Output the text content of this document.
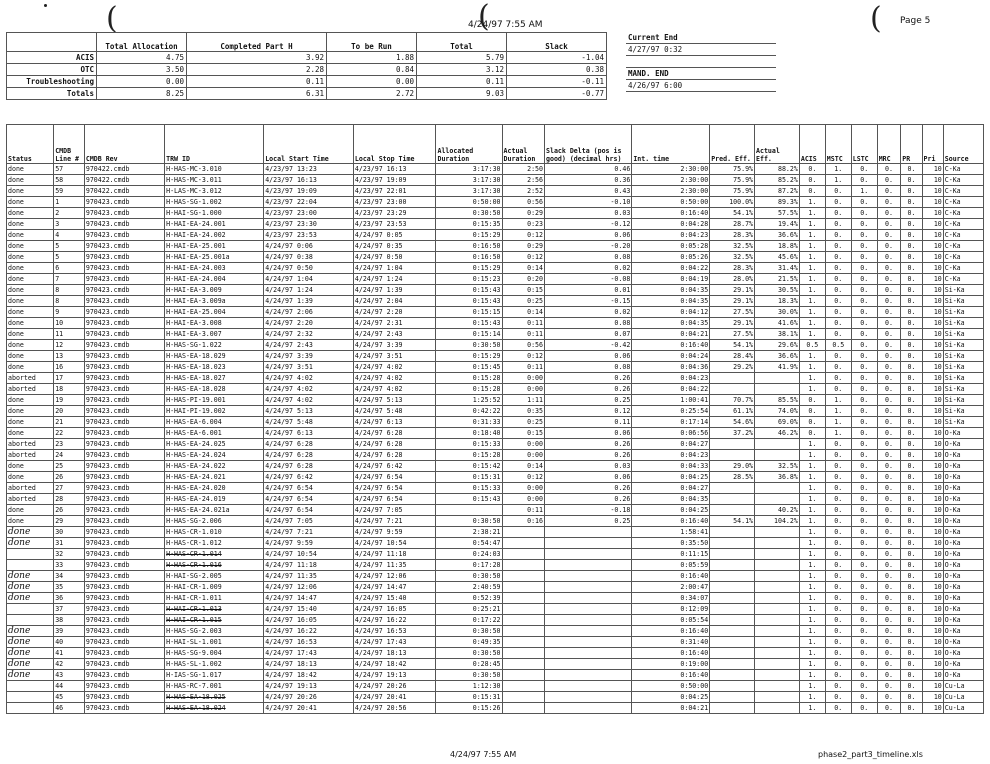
(	(	(
4/24/97 7:55 AM	Page 5
	Total Allocation	Completed Part H	To be Run	Total	Slack
ACIS	4.75	3.92	1.88	5.79	-1.04
OTC	3.50	2.28	0.84	3.12	0.38
Troubleshooting	0.00	0.11	0.00	0.11	-0.11
Totals	8.25	6.31	2.72	9.03	-0.77
Current End
4/27/97 0:32
MAND. END
4/26/97 6:00
Status	CMDB Line #	CMDB Rev	TRW ID	Local Start Time	Local Stop Time	Allocated Duration	Actual Duration	Slack Delta (pos is good) (decimal hrs)	Int. time	Pred. Eff.	Actual Eff.	ACIS	MSTC	LSTC	MRC	PR	Pri	Source
done	57	970422.cmdb	H-HAS-MC-3.010	4/23/97 13:23	4/23/97 16:13	3:17:30	2:50	0.46	2:30:00	75.9%	88.2%	0.	1.	0.	0.	0.	10	C-Ka
done	58	970422.cmdb	H-HAS-MC-3.011	4/23/97 16:13	4/23/97 19:09	3:17:30	2:56	0.36	2:30:00	75.9%	85.2%	0.	1.	0.	0.	0.	10	C-Ka
done	59	970422.cmdb	H-LAS-MC-3.012	4/23/97 19:09	4/23/97 22:01	3:17:30	2:52	0.43	2:30:00	75.9%	87.2%	0.	0.	1.	0.	0.	10	C-Ka
done	1	970423.cmdb	H-HAS-SG-1.002	4/23/97 22:04	4/23/97 23:00	0:50:00	0:56	-0.10	0:50:00	100.0%	89.3%	1.	0.	0.	0.	0.	10	C-Ka
done	2	970423.cmdb	H-HAI-SG-1.000	4/23/97 23:00	4/23/97 23:29	0:30:50	0:29	0.03	0:16:40	54.1%	57.5%	1.	0.	0.	0.	0.	10	C-Ka
done	3	970423.cmdb	H-HAI-EA-24.001	4/23/97 23:30	4/23/97 23:53	0:15:35	0:23	-0.12	0:04:28	28.7%	19.4%	1.	0.	0.	0.	0.	10	C-Ka
done	4	970423.cmdb	H-HAI-EA-24.002	4/23/97 23:53	4/24/97 0:05	0:15:29	0:12	0.06	0:04:23	28.3%	36.6%	1.	0.	0.	0.	0.	10	C-Ka
done	5	970423.cmdb	H-HAI-EA-25.001	4/24/97 0:06	4/24/97 0:35	0:16:50	0:29	-0.20	0:05:28	32.5%	18.8%	1.	0.	0.	0.	0.	10	C-Ka
done	5	970423.cmdb	H-HAI-EA-25.001a	4/24/97 0:38	4/24/97 0:50	0:16:50	0:12	0.08	0:05:26	32.5%	45.6%	1.	0.	0.	0.	0.	10	C-Ka
done	6	970423.cmdb	H-HAI-EA-24.003	4/24/97 0:50	4/24/97 1:04	0:15:29	0:14	0.02	0:04:22	28.3%	31.4%	1.	0.	0.	0.	0.	10	C-Ka
done	7	970423.cmdb	H-HAI-EA-24.004	4/24/97 1:04	4/24/97 1:24	0:15:23	0:20	-0.08	0:04:19	28.0%	21.5%	1.	0.	0.	0.	0.	10	C-Ka
done	8	970423.cmdb	H-HAI-EA-3.009	4/24/97 1:24	4/24/97 1:39	0:15:43	0:15	0.01	0:04:35	29.1%	30.5%	1.	0.	0.	0.	0.	10	Si-Ka
done	8	970423.cmdb	H-HAI-EA-3.009a	4/24/97 1:39	4/24/97 2:04	0:15:43	0:25	-0.15	0:04:35	29.1%	18.3%	1.	0.	0.	0.	0.	10	Si-Ka
done	9	970423.cmdb	H-HAI-EA-25.004	4/24/97 2:06	4/24/97 2:20	0:15:15	0:14	0.02	0:04:12	27.5%	30.0%	1.	0.	0.	0.	0.	10	Si-Ka
done	10	970423.cmdb	H-HAI-EA-3.008	4/24/97 2:20	4/24/97 2:31	0:15:43	0:11	0.08	0:04:35	29.1%	41.6%	1.	0.	0.	0.	0.	10	Si-Ka
done	11	970423.cmdb	H-HAI-EA-3.007	4/24/97 2:32	4/24/97 2:43	0:15:14	0:11	0.07	0:04:21	27.5%	38.1%	1.	0.	0.	0.	0.	10	Si-Ka
done	12	970423.cmdb	H-HAS-SG-1.022	4/24/97 2:43	4/24/97 3:39	0:30:50	0:56	-0.42	0:16:40	54.1%	29.6%	0.5	0.5	0.	0.	0.	10	Si-Ka
done	13	970423.cmdb	H-HAS-EA-18.029	4/24/97 3:39	4/24/97 3:51	0:15:29	0:12	0.06	0:04:24	28.4%	36.6%	1.	0.	0.	0.	0.	10	Si-Ka
done	16	970423.cmdb	H-HAS-EA-18.023	4/24/97 3:51	4/24/97 4:02	0:15:45	0:11	0.08	0:04:36	29.2%	41.9%	1.	0.	0.	0.	0.	10	Si-Ka
aborted	17	970423.cmdb	H-HAS-EA-18.027	4/24/97 4:02	4/24/97 4:02	0:15:28	0:00	0.26	0:04:23			1.	0.	0.	0.	0.	10	Si-Ka
aborted	18	970423.cmdb	H-HAS-EA-18.028	4/24/97 4:02	4/24/97 4:02	0:15:28	0:00	0.26	0:04:22			1.	0.	0.	0.	0.	10	Si-Ka
done	19	970423.cmdb	H-HAS-PI-19.001	4/24/97 4:02	4/24/97 5:13	1:25:52	1:11	0.25	1:00:41	70.7%	85.5%	0.	1.	0.	0.	0.	10	Si-Ka
done	20	970423.cmdb	H-HAI-PI-19.002	4/24/97 5:13	4/24/97 5:48	0:42:22	0:35	0.12	0:25:54	61.1%	74.0%	0.	1.	0.	0.	0.	10	Si-Ka
done	21	970423.cmdb	H-HAS-EA-6.004	4/24/97 5:48	4/24/97 6:13	0:31:33	0:25	0.11	0:17:14	54.6%	69.0%	0.	1.	0.	0.	0.	10	Si-Ka
done	22	970423.cmdb	H-HAS-EA-6.001	4/24/97 6:13	4/24/97 6:28	0:18:40	0:15	0.06	0:06:56	37.2%	46.2%	0.	1.	0.	0.	0.	10	O-Ka
aborted	23	970423.cmdb	H-HAS-EA-24.025	4/24/97 6:28	4/24/97 6:28	0:15:33	0:00	0.26	0:04:27			1.	0.	0.	0.	0.	10	O-Ka
aborted	24	970423.cmdb	H-HAS-EA-24.024	4/24/97 6:28	4/24/97 6:28	0:15:28	0:00	0.26	0:04:23			1.	0.	0.	0.	0.	10	O-Ka
done	25	970423.cmdb	H-HAS-EA-24.022	4/24/97 6:28	4/24/97 6:42	0:15:42	0:14	0.03	0:04:33	29.0%	32.5%	1.	0.	0.	0.	0.	10	O-Ka
done	26	970423.cmdb	H-HAS-EA-24.021	4/24/97 6:42	4/24/97 6:54	0:15:31	0:12	0.06	0:04:25	28.5%	36.8%	1.	0.	0.	0.	0.	10	O-Ka
aborted	27	970423.cmdb	H-HAS-EA-24.020	4/24/97 6:54	4/24/97 6:54	0:15:33	0:00	0.26	0:04:27			1.	0.	0.	0.	0.	10	O-Ka
aborted	28	970423.cmdb	H-HAS-EA-24.019	4/24/97 6:54	4/24/97 6:54	0:15:43	0:00	0.26	0:04:35			1.	0.	0.	0.	0.	10	O-Ka
done	26	970423.cmdb	H-HAS-EA-24.021a	4/24/97 6:54	4/24/97 7:05		0:11	-0.18	0:04:25		40.2%	1.	0.	0.	0.	0.	10	O-Ka
done	29	970423.cmdb	H-HAS-SG-2.006	4/24/97 7:05	4/24/97 7:21	0:30:50	0:16	0.25	0:16:40	54.1%	104.2%	1.	0.	0.	0.	0.	10	O-Ka
done	30	970423.cmdb	H-HAS-CR-1.010	4/24/97 7:21	4/24/97 9:59	2:38:21			1:58:41			1.	0.	0.	0.	0.	10	O-Ka
done	31	970423.cmdb	H-HAS-CR-1.012	4/24/97 9:59	4/24/97 10:54	0:54:47			0:35:50			1.	0.	0.	0.	0.	10	O-Ka
	32	970423.cmdb	H-HAS-CR-1.014	4/24/97 10:54	4/24/97 11:18	0:24:03			0:11:15			1.	0.	0.	0.	0.	10	O-Ka
	33	970423.cmdb	H-HAS-CR-1.016	4/24/97 11:18	4/24/97 11:35	0:17:28			0:05:59			1.	0.	0.	0.	0.	10	O-Ka
done	34	970423.cmdb	H-HAI-SG-2.005	4/24/97 11:35	4/24/97 12:06	0:30:50			0:16:40			1.	0.	0.	0.	0.	10	O-Ka
done	35	970423.cmdb	H-HAI-CR-1.009	4/24/97 12:06	4/24/97 14:47	2:40:59			2:00:47			1.	0.	0.	0.	0.	10	O-Ka
done	36	970423.cmdb	H-HAI-CR-1.011	4/24/97 14:47	4/24/97 15:40	0:52:39			0:34:07			1.	0.	0.	0.	0.	10	O-Ka
	37	970423.cmdb	H-HAI-CR-1.013	4/24/97 15:40	4/24/97 16:05	0:25:21			0:12:09			1.	0.	0.	0.	0.	10	O-Ka
	38	970423.cmdb	H-HAI-CR-1.015	4/24/97 16:05	4/24/97 16:22	0:17:22			0:05:54			1.	0.	0.	0.	0.	10	O-Ka
done	39	970423.cmdb	H-HAS-SG-2.003	4/24/97 16:22	4/24/97 16:53	0:30:50			0:16:40			1.	0.	0.	0.	0.	10	O-Ka
done	40	970423.cmdb	H-HAI-SL-1.001	4/24/97 16:53	4/24/97 17:43	0:49:35			0:31:40			1.	0.	0.	0.	0.	10	O-Ka
done	41	970423.cmdb	H-HAS-SG-9.004	4/24/97 17:43	4/24/97 18:13	0:30:50			0:16:40			1.	0.	0.	0.	0.	10	O-Ka
done	42	970423.cmdb	H-HAS-SL-1.002	4/24/97 18:13	4/24/97 18:42	0:28:45			0:19:00			1.	0.	0.	0.	0.	10	O-Ka
done	43	970423.cmdb	H-IAS-SG-1.017	4/24/97 18:42	4/24/97 19:13	0:30:50			0:16:40			1.	0.	0.	0.	0.	10	O-Ka
	44	970423.cmdb	H-HAS-RC-7.001	4/24/97 19:13	4/24/97 20:26	1:12:30			0:50:00			1.	0.	0.	0.	0.	10	Cu-La
	45	970423.cmdb	H-HAS-EA-18.025	4/24/97 20:26	4/24/97 20:41	0:15:31			0:04:25			1.	0.	0.	0.	0.	10	Cu-La
	46	970423.cmdb	H-HAS-EA-18.024	4/24/97 20:41	4/24/97 20:56	0:15:26			0:04:21			1.	0.	0.	0.	0.	10	Cu-La
4/24/97 7:55 AM	phase2_part3_timeline.xls
